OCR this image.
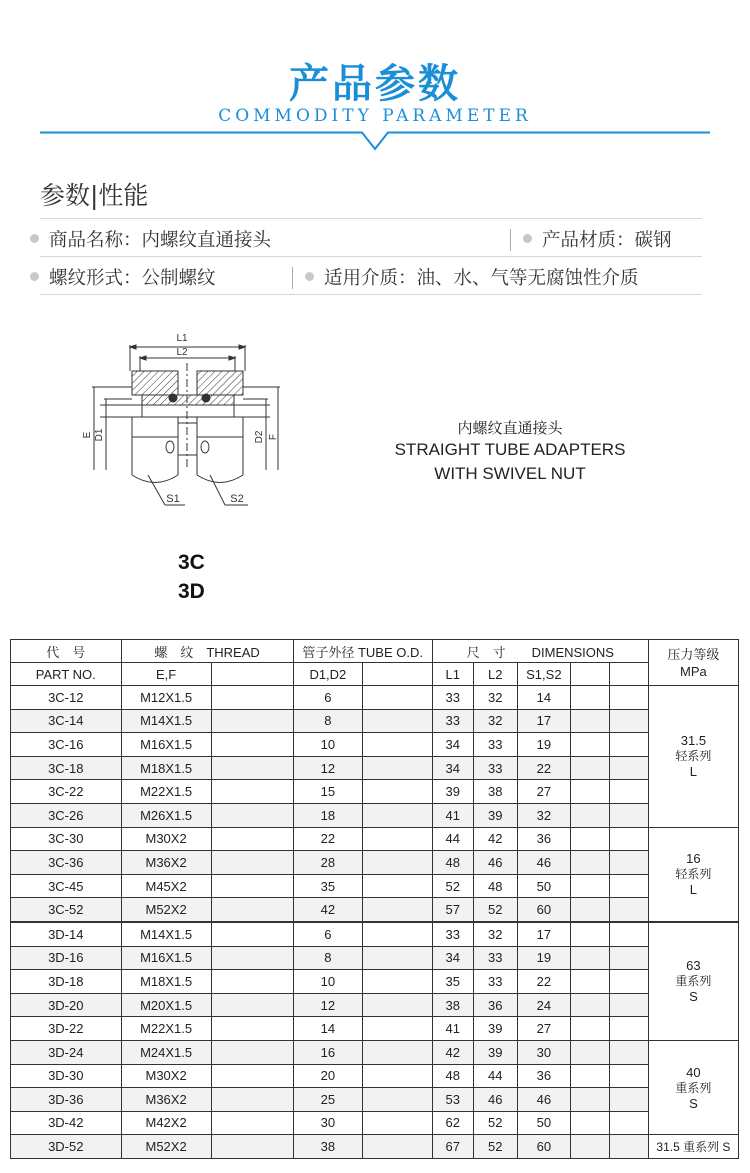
产品参数
COMMODITY PARAMETER
参数|性能
商品名称：内螺纹直通接头	产品材质：碳钢
螺纹形式：公制螺纹	适用介质：油、水、气等无腐蚀性介质
L1
L2
E D1	D2 F
S1	S2
内螺纹直通接头
STRAIGHT TUBE ADAPTERS
WITH SWIVEL NUT
3C
3D
代　号	螺　纹　THREAD		管子外径 TUBE O.D.		尺　寸　　DIMENSIONS					压力等级
MPa
PART NO.	E,F		D1,D2		L1	L2	S1,S2			
3C-12	M12X1.5		6		33	32	14			31.5
轻系列
L
3C-14	M14X1.5		8		33	32	17			
3C-16	M16X1.5		10		34	33	19			
3C-18	M18X1.5		12		34	33	22			
3C-22	M22X1.5		15		39	38	27			
3C-26	M26X1.5		18		41	39	32			
3C-30	M30X2		22		44	42	36			16
轻系列
L
3C-36	M36X2		28		48	46	46			
3C-45	M45X2		35		52	48	50			
3C-52	M52X2		42		57	52	60			
3D-14	M14X1.5		6		33	32	17			63
重系列
S
3D-16	M16X1.5		8		34	33	19			
3D-18	M18X1.5		10		35	33	22			
3D-20	M20X1.5		12		38	36	24			
3D-22	M22X1.5		14		41	39	27			
3D-24	M24X1.5		16		42	39	30			40
重系列
S
3D-30	M30X2		20		48	44	36			
3D-36	M36X2		25		53	46	46			
3D-42	M42X2		30		62	52	50			
3D-52	M52X2		38		67	52	60			31.5 重系列 S
